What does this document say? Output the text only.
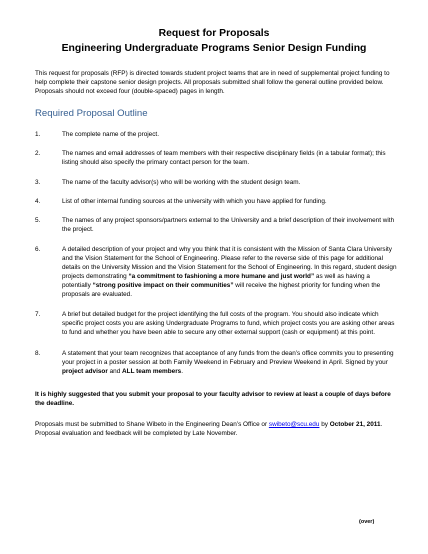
Request for Proposals
Engineering Undergraduate Programs Senior Design Funding
This request for proposals (RFP) is directed towards student project teams that are in need of supplemental project funding to help complete their capstone senior design projects. All proposals submitted shall follow the general outline provided below. Proposals should not exceed four (double-spaced) pages in length.
Required Proposal Outline
1.	The complete name of the project.
2.	The names and email addresses of team members with their respective disciplinary fields (in a tabular format); this listing should also specify the primary contact person for the team.
3.	The name of the faculty advisor(s) who will be working with the student design team.
4.	List of other internal funding sources at the university with which you have applied for funding.
5.	The names of any project sponsors/partners external to the University and a brief description of their involvement with the project.
6.	A detailed description of your project and why you think that it is consistent with the Mission of Santa Clara University and the Vision Statement for the School of Engineering. Please refer to the reverse side of this page for additional details on the University Mission and the Vision Statement for the School of Engineering. In this regard, student design projects demonstrating “a commitment to fashioning a more humane and just world” as well as having a potentially “strong positive impact on their communities” will receive the highest priority for funding when the proposals are evaluated.
7.	A brief but detailed budget for the project identifying the full costs of the program. You should also indicate which specific project costs you are asking Undergraduate Programs to fund, which project costs you are asking other areas to fund and whether you have been able to secure any other external support (cash or equipment) at this point.
8.	A statement that your team recognizes that acceptance of any funds from the dean’s office commits you to presenting your project in a poster session at both Family Weekend in February and Preview Weekend in April. Signed by your project advisor and ALL team members.
It is highly suggested that you submit your proposal to your faculty advisor to review at least a couple of days before the deadline.
Proposals must be submitted to Shane Wibeto in the Engineering Dean’s Office or swibeto@scu.edu by October 21, 2011. Proposal evaluation and feedback will be completed by Late November.
(over)
